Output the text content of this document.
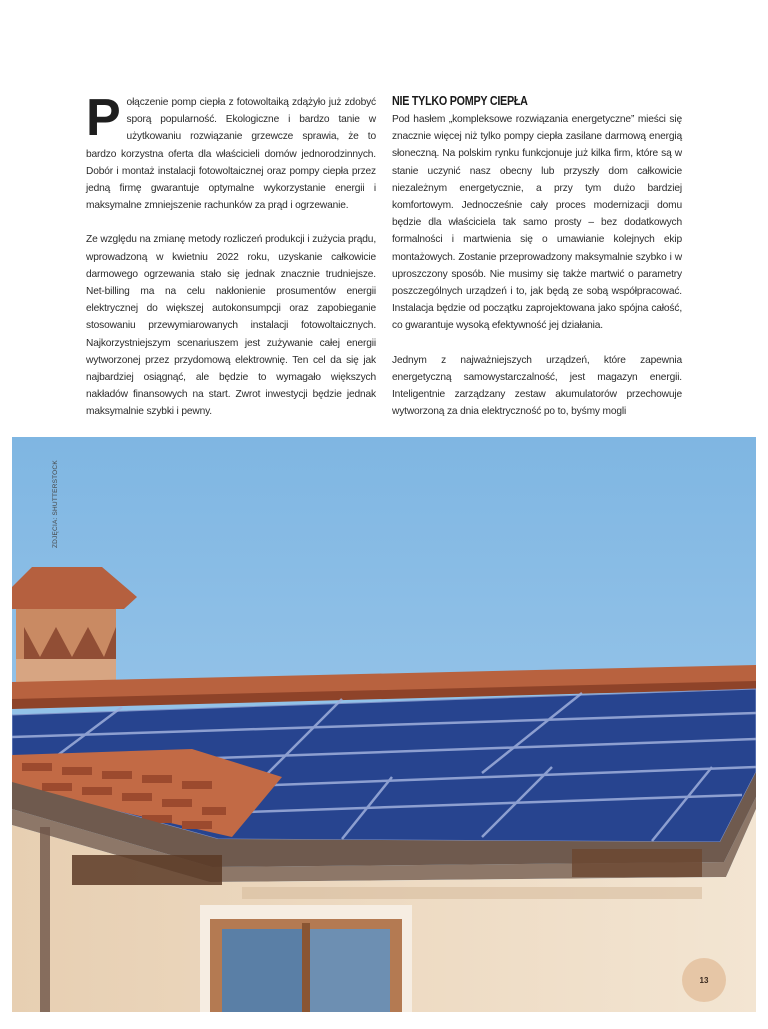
Połączenie pomp ciepła z fotowoltaiką zdążyło już zdobyć sporą popularność. Ekologiczne i bardzo tanie w użytkowaniu rozwiązanie grzewcze sprawia, że to bardzo korzystna oferta dla właścicieli domów jednorodzinnych. Dobór i montaż instalacji fotowoltaicznej oraz pompy ciepła przez jedną firmę gwarantuje optymalne wykorzystanie energii i maksymalne zmniejszenie rachunków za prąd i ogrzewanie.

Ze względu na zmianę metody rozliczeń produkcji i zużycia prądu, wprowadzoną w kwietniu 2022 roku, uzyskanie całkowicie darmowego ogrzewania stało się jednak znacznie trudniejsze. Net-billing ma na celu nakłonienie prosumentów energii elektrycznej do większej autokonsumpcji oraz zapobieganie stosowaniu przewymiarowanych instalacji fotowoltaicznych. Najkorzystniejszym scenariuszem jest zużywanie całej energii wytworzonej przez przydomową elektrownię. Ten cel da się jak najbardziej osiągnąć, ale będzie to wymagało większych nakładów finansowych na start. Zwrot inwestycji będzie jednak maksymalnie szybki i pewny.

NIE TYLKO POMPY CIEPŁA

Pod hasłem „kompleksowe rozwiązania energetyczne” mieści się znacznie więcej niż tylko pompy ciepła zasilane darmową energią słoneczną. Na polskim rynku funkcjonuje już kilka firm, które są w stanie uczynić nasz obecny lub przyszły dom całkowicie niezależnym energetycznie, a przy tym dużo bardziej komfortowym. Jednocześnie cały proces modernizacji domu będzie dla właściciela tak samo prosty – bez dodatkowych formalności i martwienia się o umawianie kolejnych ekip montażowych. Zostanie przeprowadzony maksymalnie szybko i w uproszczony sposób. Nie musimy się także martwić o parametry poszczególnych urządzeń i to, jak będą ze sobą współpracować. Instalacja będzie od początku zaprojektowana jako spójna całość, co gwarantuje wysoką efektywność jej działania.

Jednym z najważniejszych urządzeń, które zapewnia energetyczną samowystarczalność, jest magazyn energii. Inteligentnie zarządzany zestaw akumulatorów przechowuje wytworzoną za dnia elektryczność po to, byśmy mogli

ZDJĘCIA: SHUTTERSTOCK
13
